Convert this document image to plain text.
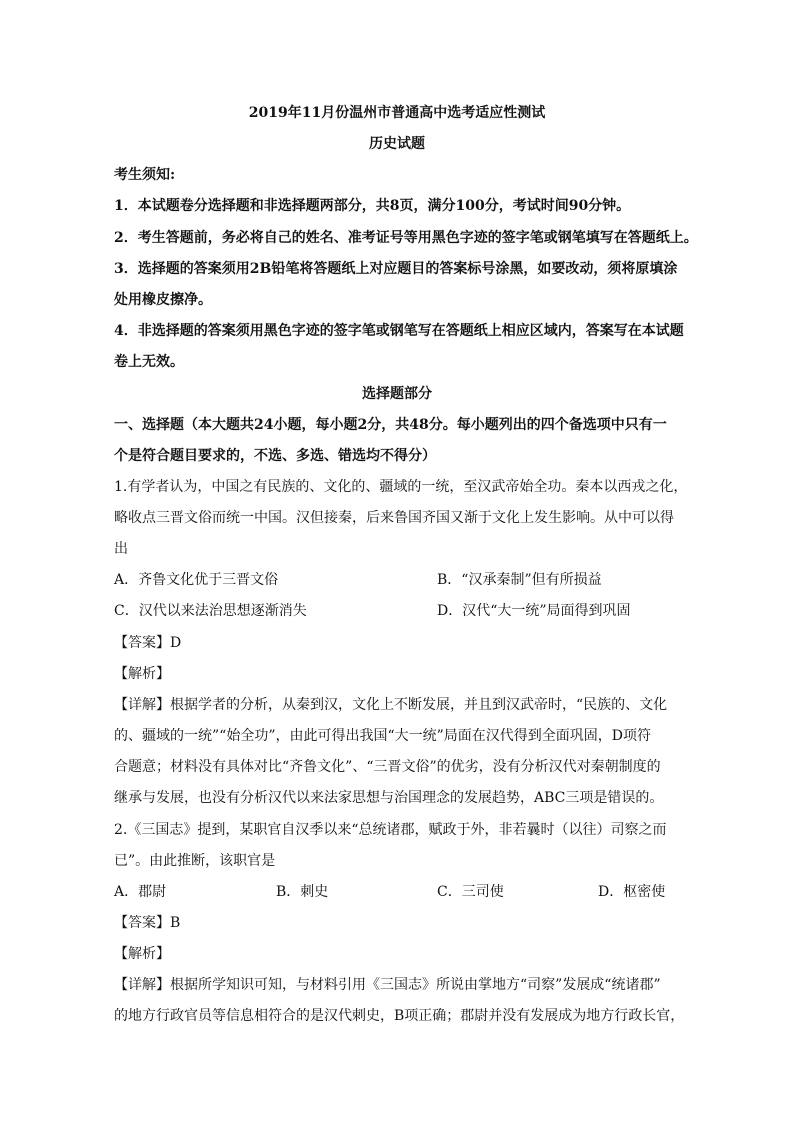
2019年11月份温州市普通高中选考适应性测试
历史试题
考生须知:
1．本试题卷分选择题和非选择题两部分，共8页，满分100分，考试时间90分钟。
2．考生答题前，务必将自己的姓名、准考证号等用黑色字迹的签字笔或钢笔填写在答题纸上。
3．选择题的答案须用2B铅笔将答题纸上对应题目的答案标号涂黑，如要改动，须将原填涂
处用橡皮擦净。
4．非选择题的答案须用黑色字迹的签字笔或钢笔写在答题纸上相应区域内，答案写在本试题
卷上无效。
选择题部分
一、选择题（本大题共24小题，每小题2分，共48分。每小题列出的四个备选项中只有一
个是符合题目要求的，不选、多选、错选均不得分）
1.有学者认为，中国之有民族的、文化的、疆域的一统，至汉武帝始全功。秦本以西戎之化，
略收点三晋文俗而统一中国。汉但接秦，后来鲁国齐国又渐于文化上发生影响。从中可以得
出
A．齐鲁文化优于三晋文俗	B．“汉承秦制”但有所损益
C．汉代以来法治思想逐渐消失	D．汉代“大一统”局面得到巩固
【答案】D
【解析】
【详解】根据学者的分析，从秦到汉，文化上不断发展，并且到汉武帝时，“民族的、文化
的、疆域的一统”“始全功”，由此可得出我国“大一统”局面在汉代得到全面巩固，D项符
合题意；材料没有具体对比“齐鲁文化”、“三晋文俗”的优劣，没有分析汉代对秦朝制度的
继承与发展，也没有分析汉代以来法家思想与治国理念的发展趋势，ABC三项是错误的。
2.《三国志》提到，某职官自汉季以来“总统诸郡，赋政于外，非若曩时（以往）司察之而
已”。由此推断，该职官是
A．郡尉	B．刺史	C．三司使	D．枢密使
【答案】B
【解析】
【详解】根据所学知识可知，与材料引用《三国志》所说由掌地方“司察”发展成“统诸郡”
的地方行政官员等信息相符合的是汉代刺史，B项正确；郡尉并没有发展成为地方行政长官，
